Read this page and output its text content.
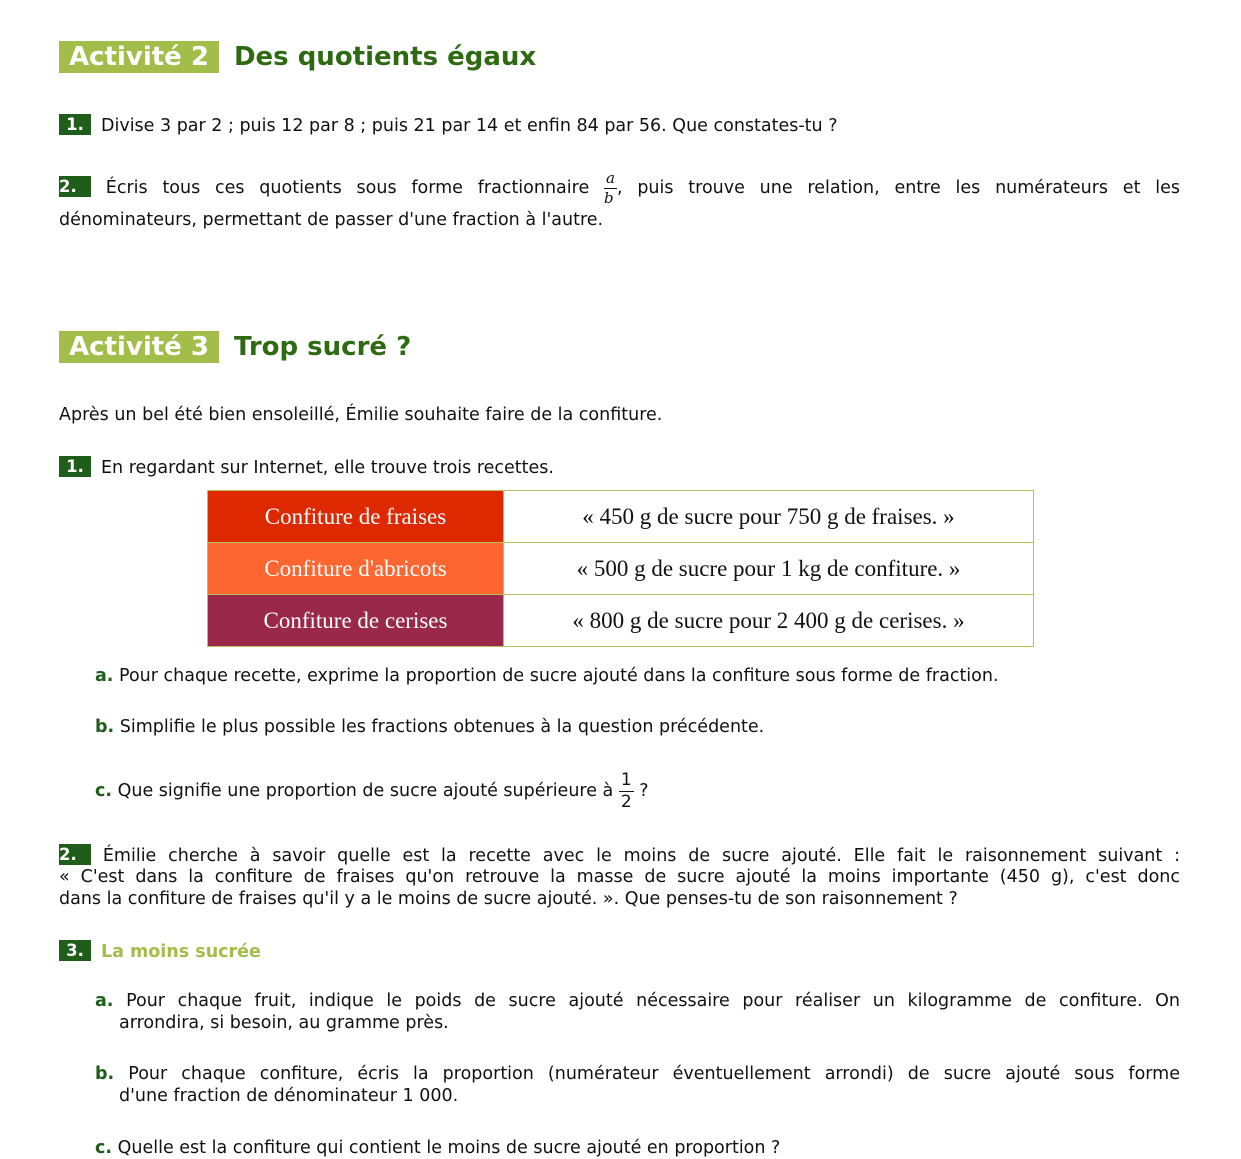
Activité 2 Des quotients égaux
1. Divise 3 par 2 ; puis 12 par 8 ; puis 21 par 14 et enfin 84 par 56. Que constates-tu ?
2. Écris tous ces quotients sous forme fractionnaire $\frac{a}{b}$ , puis trouve une relation, entre les numérateurs et les
dénominateurs, permettant de passer d'une fraction à l'autre.
Activité 3 Trop sucré ?
Après un bel été bien ensoleillé, Émilie souhaite faire de la confiture.
1. En regardant sur Internet, elle trouve trois recettes.
Confiture de fraises	« 450 g de sucre pour 750 g de fraises. »
Confiture d'abricots	« 500 g de sucre pour 1 kg de confiture. »
Confiture de cerises	« 800 g de sucre pour 2 400 g de cerises. »
a. Pour chaque recette, exprime la proportion de sucre ajouté dans la confiture sous forme de fraction.
b. Simplifie le plus possible les fractions obtenues à la question précédente.
c. Que signifie une proportion de sucre ajouté supérieure à $\frac{1}{2}$ ?
2. Émilie cherche à savoir quelle est la recette avec le moins de sucre ajouté. Elle fait le raisonnement suivant :
« C'est dans la confiture de fraises qu'on retrouve la masse de sucre ajouté la moins importante (450 g), c'est donc
dans la confiture de fraises qu'il y a le moins de sucre ajouté. ». Que penses-tu de son raisonnement ?
3. La moins sucrée
a. Pour chaque fruit, indique le poids de sucre ajouté nécessaire pour réaliser un kilogramme de confiture. On
arrondira, si besoin, au gramme près.
b. Pour chaque confiture, écris la proportion (numérateur éventuellement arrondi) de sucre ajouté sous forme
d'une fraction de dénominateur 1 000.
c. Quelle est la confiture qui contient le moins de sucre ajouté en proportion ?
